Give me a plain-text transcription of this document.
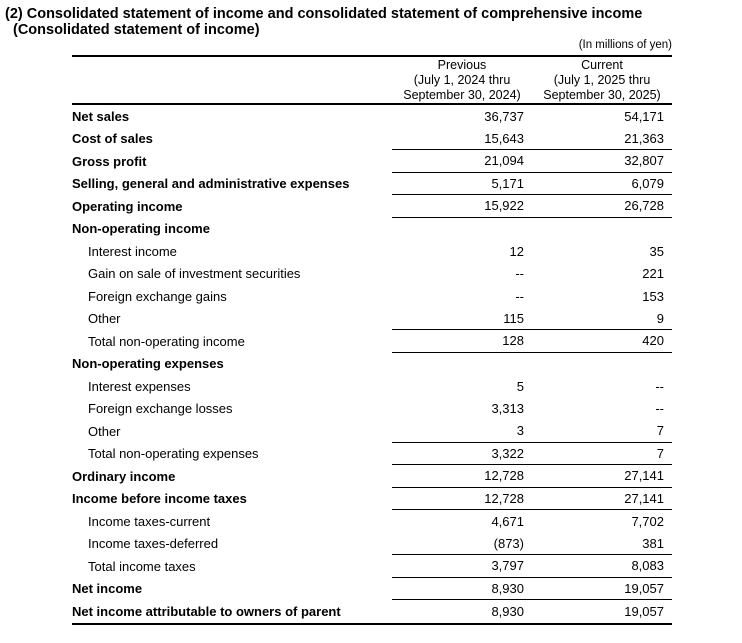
(2) Consolidated statement of income and consolidated statement of comprehensive income
(Consolidated statement of income)
(In millions of yen)
Previous
(July 1, 2024 thru
September 30, 2024)
Current
(July 1, 2025 thru
September 30, 2025)
Net sales	36,737	54,171
Cost of sales	15,643	21,363
Gross profit	21,094	32,807
Selling, general and administrative expenses	5,171	6,079
Operating income	15,922	26,728
Non-operating income
Interest income	12	35
Gain on sale of investment securities	--	221
Foreign exchange gains	--	153
Other	115	9
Total non-operating income	128	420
Non-operating expenses
Interest expenses	5	--
Foreign exchange losses	3,313	--
Other	3	7
Total non-operating expenses	3,322	7
Ordinary income	12,728	27,141
Income before income taxes	12,728	27,141
Income taxes-current	4,671	7,702
Income taxes-deferred	(873)	381
Total income taxes	3,797	8,083
Net income	8,930	19,057
Net income attributable to owners of parent	8,930	19,057
